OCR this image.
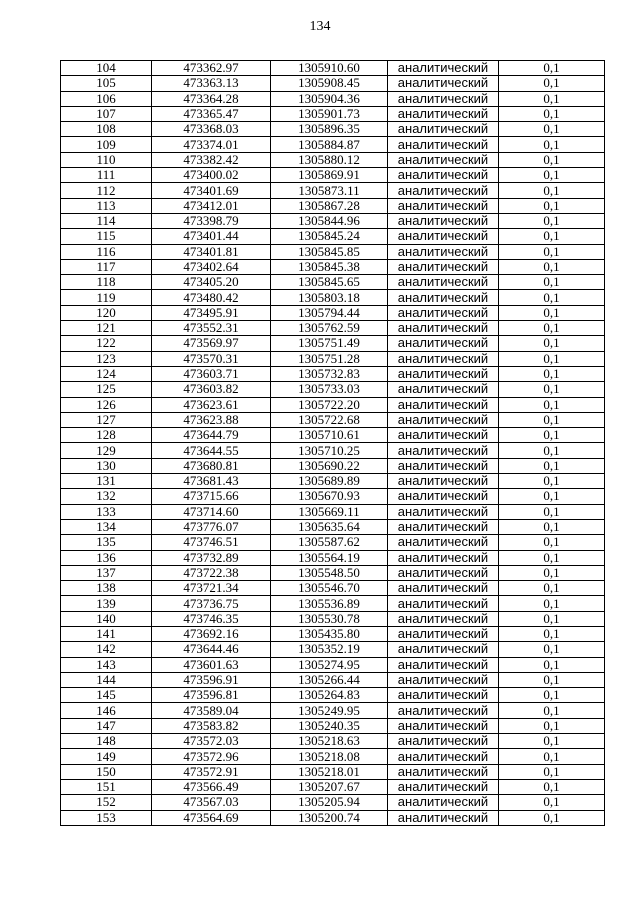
134
104	473362.97	1305910.60	аналитический	0,1
105	473363.13	1305908.45	аналитический	0,1
106	473364.28	1305904.36	аналитический	0,1
107	473365.47	1305901.73	аналитический	0,1
108	473368.03	1305896.35	аналитический	0,1
109	473374.01	1305884.87	аналитический	0,1
110	473382.42	1305880.12	аналитический	0,1
111	473400.02	1305869.91	аналитический	0,1
112	473401.69	1305873.11	аналитический	0,1
113	473412.01	1305867.28	аналитический	0,1
114	473398.79	1305844.96	аналитический	0,1
115	473401.44	1305845.24	аналитический	0,1
116	473401.81	1305845.85	аналитический	0,1
117	473402.64	1305845.38	аналитический	0,1
118	473405.20	1305845.65	аналитический	0,1
119	473480.42	1305803.18	аналитический	0,1
120	473495.91	1305794.44	аналитический	0,1
121	473552.31	1305762.59	аналитический	0,1
122	473569.97	1305751.49	аналитический	0,1
123	473570.31	1305751.28	аналитический	0,1
124	473603.71	1305732.83	аналитический	0,1
125	473603.82	1305733.03	аналитический	0,1
126	473623.61	1305722.20	аналитический	0,1
127	473623.88	1305722.68	аналитический	0,1
128	473644.79	1305710.61	аналитический	0,1
129	473644.55	1305710.25	аналитический	0,1
130	473680.81	1305690.22	аналитический	0,1
131	473681.43	1305689.89	аналитический	0,1
132	473715.66	1305670.93	аналитический	0,1
133	473714.60	1305669.11	аналитический	0,1
134	473776.07	1305635.64	аналитический	0,1
135	473746.51	1305587.62	аналитический	0,1
136	473732.89	1305564.19	аналитический	0,1
137	473722.38	1305548.50	аналитический	0,1
138	473721.34	1305546.70	аналитический	0,1
139	473736.75	1305536.89	аналитический	0,1
140	473746.35	1305530.78	аналитический	0,1
141	473692.16	1305435.80	аналитический	0,1
142	473644.46	1305352.19	аналитический	0,1
143	473601.63	1305274.95	аналитический	0,1
144	473596.91	1305266.44	аналитический	0,1
145	473596.81	1305264.83	аналитический	0,1
146	473589.04	1305249.95	аналитический	0,1
147	473583.82	1305240.35	аналитический	0,1
148	473572.03	1305218.63	аналитический	0,1
149	473572.96	1305218.08	аналитический	0,1
150	473572.91	1305218.01	аналитический	0,1
151	473566.49	1305207.67	аналитический	0,1
152	473567.03	1305205.94	аналитический	0,1
153	473564.69	1305200.74	аналитический	0,1
